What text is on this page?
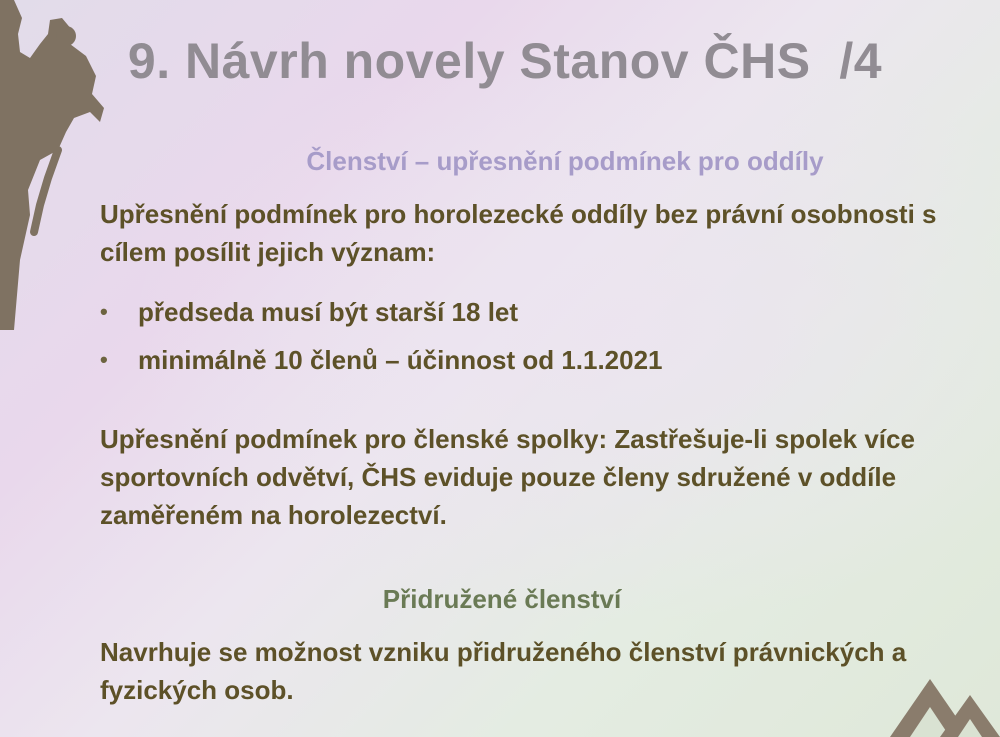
9. Návrh novely Stanov ČHS  /4
Členství – upřesnění podmínek pro oddíly
Upřesnění podmínek pro horolezecké oddíly bez právní osobnosti s cílem posílit jejich význam:
• předseda musí být starší 18 let
• minimálně 10 členů – účinnost od 1.1.2021
Upřesnění podmínek pro členské spolky: Zastřešuje-li spolek více sportovních odvětví, ČHS eviduje pouze členy sdružené v oddíle zaměřeném na horolezectví.
Přidružené členství
Navrhuje se možnost vzniku přidruženého členství právnických a fyzických osob.
